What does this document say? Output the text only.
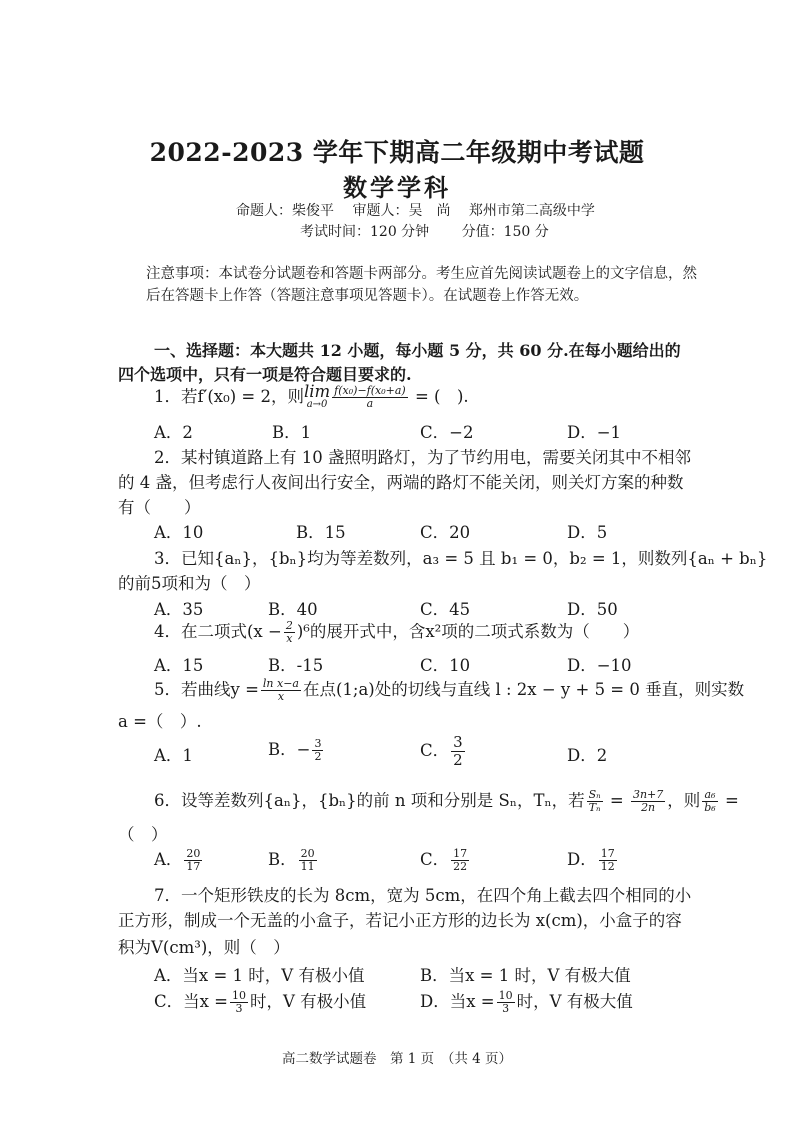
2022-2023 学年下期高二年级期中考试题
数学学科
命题人：柴俊平　 审题人：吴　尚　 郑州市第二高级中学
考试时间：120 分钟　　 分值：150 分
注意事项：本试卷分试题卷和答题卡两部分。考生应首先阅读试题卷上的文字信息，然
后在答题卡上作答（答题注意事项见答题卡）。在试题卷上作答无效。
一、选择题：本大题共 12 小题，每小题 5 分，共 60 分.在每小题给出的
四个选项中，只有一项是符合题目要求的.
1．若f′(x₀) = 2，则lim
$a\to 0 \frac{\text{f(x₀)−f(x₀+a)}}{a}$ = (　).
A．2	B．1	C．−2	D．−1
2．某村镇道路上有 10 盏照明路灯，为了节约用电，需要关闭其中不相邻
的 4 盏，但考虑行人夜间出行安全，两端的路灯不能关闭，则关灯方案的种数
有（　　）
A．10	B．15	C．20	D．5
3．已知{aₙ}，{bₙ}均为等差数列，a₃ = 5 且 b₁ = 0，b₂ = 1，则数列{aₙ + bₙ}
的前5项和为（　）
A．35	B．40	C．45	D．50
4．在二项式$(x - \frac{2}{x} )^6$的展开式中，含x²项的二项式系数为（　　）
A．15	B．-15	C．10	D．−10
5．若曲线$y = \frac{\text{ln x−a}}{x}$ 在点(1;a)处的切线与直线 l : 2x − y + 5 = 0 垂直，则实数
a =（　）.
A．1	B．− $\frac{3}{2}$	C． $\frac{3}{2}$	D．2
6．设等差数列{aₙ}，{bₙ}的前 n 项和分别是 Sₙ，Tₙ，若 $\frac{\text{Sₙ}}{\text{Tₙ}} = \frac{3n+7}{2n}$ ，则 $\frac{\text{a₆}}{\text{b₆}}$ =
（　）
A． $\frac{20}{17}$	B． $\frac{20}{11}$	C． $\frac{17}{22}$	D． $\frac{17}{12}$
7．一个矩形铁皮的长为 8cm，宽为 5cm，在四个角上截去四个相同的小
正方形，制成一个无盖的小盒子，若记小正方形的边长为 x(cm)，小盒子的容
积为V(cm³)，则（　）
A．当x = 1 时，V 有极小值	B．当x = 1 时，V 有极大值
C．当$x = \frac{10}{3}$ 时，V 有极小值	D．当$x = \frac{10}{3}$ 时，V 有极大值
高二数学试题卷　第 1 页　（共 4 页）
